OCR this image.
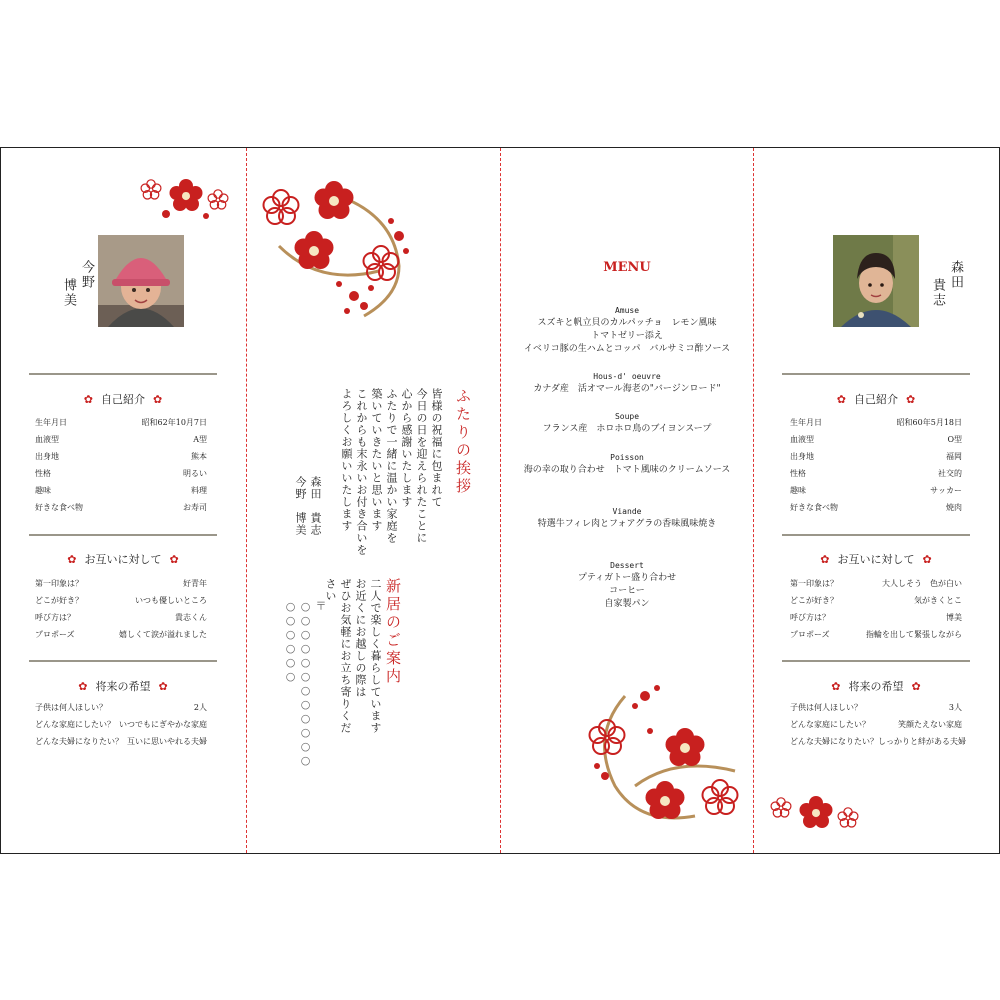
今野
博美
✿ 自己紹介 ✿
生年月日	昭和62年10月7日
血液型	A型
出身地	熊本
性格	明るい
趣味	料理
好きな食べ物	お寿司
✿ お互いに対して ✿
第一印象は？	好青年
どこが好き？	いつも優しいところ
呼び方は？	貴志くん
プロポーズ	嬉しくて涙が溢れました
✿ 将来の希望 ✿
子供は何人ほしい？	2人
どんな家庭にしたい？ いつでもにぎやかな家庭
どんな夫婦になりたい？ 互いに思いやれる夫婦
ふたりの挨拶
皆様の祝福に包まれて
今日の日を迎えられたことに
心から感謝いたします
ふたりで一緒に温かい家庭を
築いていきたいと思います
これからも末永いお付き合いを
よろしくお願いいたします
森田　貴志
今野　博美
新居のご案内
二人で楽しく暮らしています
お近くにお越しの際は
ぜひお気軽にお立ち寄りください
〒
○○○○○○○○○○○○
○○○○○○
MENU
Amuse
スズキと帆立貝のカルパッチョ　レモン風味
トマトゼリー添え
イベリコ豚の生ハムとコッパ　バルサミコ酢ソース
Hous-d' oeuvre
カナダ産　活オマール海老の"バージンロード"
Soupe
フランス産　ホロホロ鳥のブイヨンスープ
Poisson
海の幸の取り合わせ　トマト風味のクリームソース
Viande
特選牛フィレ肉とフォアグラの香味風味焼き
Dessert
プティガトー盛り合わせ
コーヒー
自家製パン
森田
貴志
✿ 自己紹介 ✿
生年月日	昭和60年5月18日
血液型	O型
出身地	福岡
性格	社交的
趣味	サッカー
好きな食べ物	焼肉
✿ お互いに対して ✿
第一印象は？	大人しそう　色が白い
どこが好き？	気がきくとこ
呼び方は？	博美
プロポーズ	指輪を出して緊張しながら
✿ 将来の希望 ✿
子供は何人ほしい？	3人
どんな家庭にしたい？	笑顔たえない家庭
どんな夫婦になりたい？ しっかりと絆がある夫婦
